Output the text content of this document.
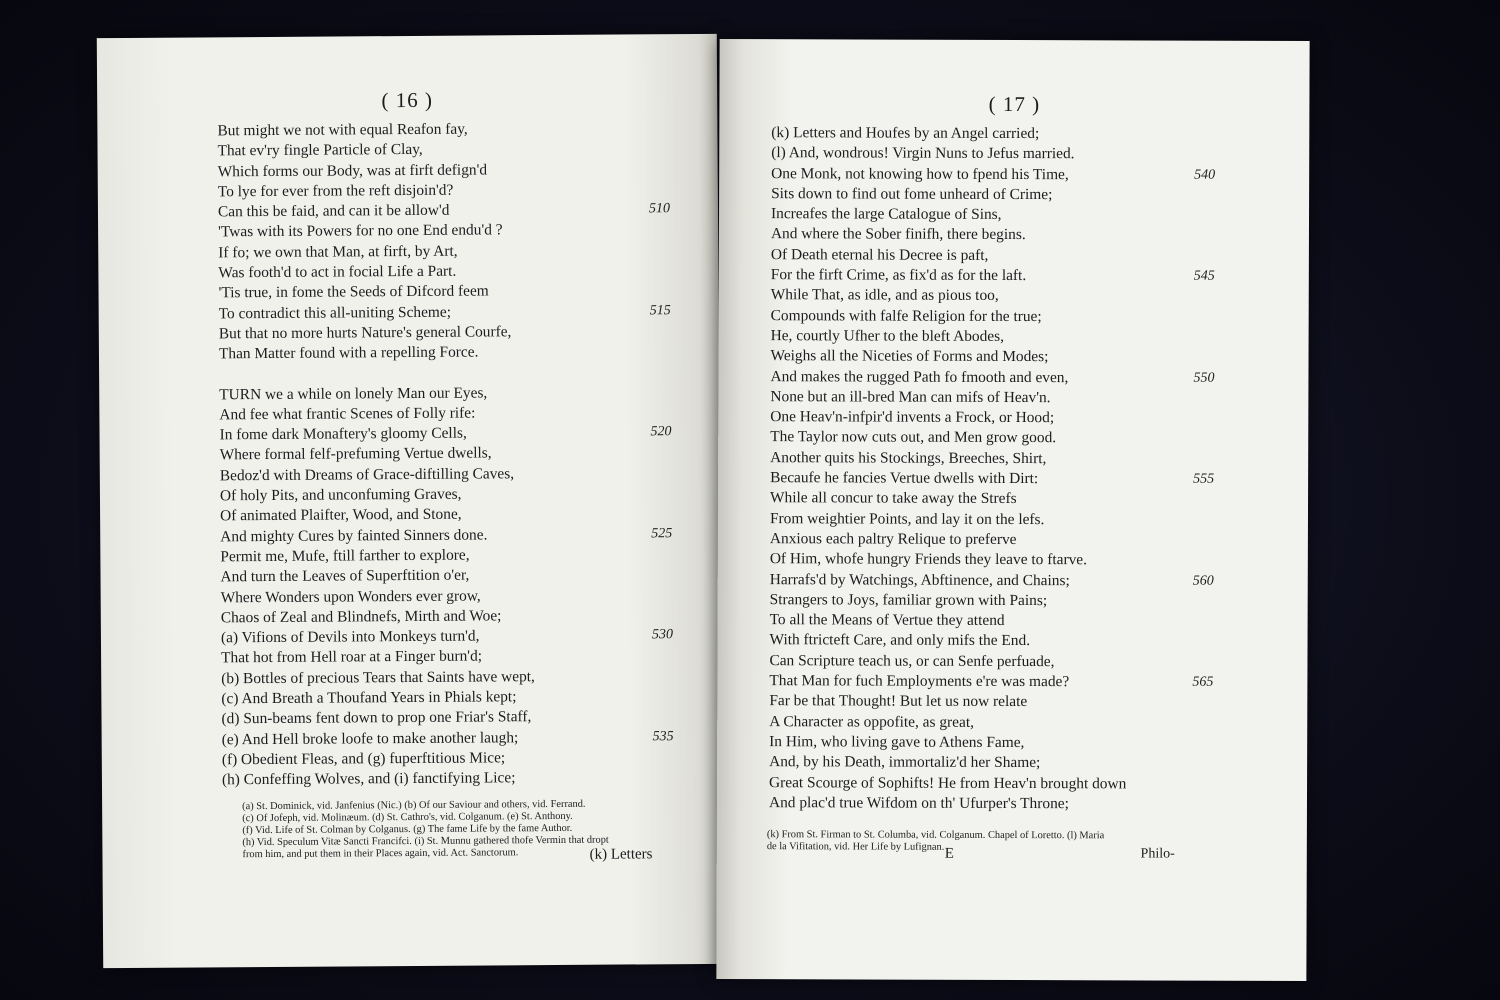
( 16 )
But might we not with equal Reafon fay,
That ev'ry fingle Particle of Clay,
Which forms our Body, was at firft defign'd
To lye for ever from the reft disjoin'd?
Can this be faid, and can it be allow'd	510
'Twas with its Powers for no one End endu'd ?
If fo; we own that Man, at firft, by Art,
Was footh'd to act in focial Life a Part.
'Tis true, in fome the Seeds of Difcord feem
To contradict this all-uniting Scheme;	515
But that no more hurts Nature's general Courfe,
Than Matter found with a repelling Force.
TURN we a while on lonely Man our Eyes,
And fee what frantic Scenes of Folly rife:
In fome dark Monaftery's gloomy Cells,	520
Where formal felf-prefuming Vertue dwells,
Bedoz'd with Dreams of Grace-diftilling Caves,
Of holy Pits, and unconfuming Graves,
Of animated Plaifter, Wood, and Stone,
And mighty Cures by fainted Sinners done.	525
Permit me, Mufe, ftill farther to explore,
And turn the Leaves of Superftition o'er,
Where Wonders upon Wonders ever grow,
Chaos of Zeal and Blindnefs, Mirth and Woe;
(a) Vifions of Devils into Monkeys turn'd,	530
That hot from Hell roar at a Finger burn'd;
(b) Bottles of precious Tears that Saints have wept,
(c) And Breath a Thoufand Years in Phials kept;
(d) Sun-beams fent down to prop one Friar's Staff,
(e) And Hell broke loofe to make another laugh;	535
(f) Obedient Fleas, and (g) fuperftitious Mice;
(h) Confeffing Wolves, and (i) fanctifying Lice;
(a) St. Dominick, vid. Janfenius (Nic.) (b) Of our Saviour and others, vid. Ferrand.
(c) Of Jofeph, vid. Molinæum. (d) St. Cathro's, vid. Colganum. (e) St. Anthony.
(f) Vid. Life of St. Colman by Colganus. (g) The fame Life by the fame Author.
(h) Vid. Speculum Vitæ Sancti Francifci. (i) St. Munnu gathered thofe Vermin that dropt
from him, and put them in their Places again, vid. Act. Sanctorum.	(k) Letters
( 17 )
(k) Letters and Houfes by an Angel carried;
(l) And, wondrous! Virgin Nuns to Jefus married.
One Monk, not knowing how to fpend his Time,	540
Sits down to find out fome unheard of Crime;
Increafes the large Catalogue of Sins,
And where the Sober finifh, there begins.
Of Death eternal his Decree is paft,
For the firft Crime, as fix'd as for the laft.	545
While That, as idle, and as pious too,
Compounds with falfe Religion for the true;
He, courtly Ufher to the bleft Abodes,
Weighs all the Niceties of Forms and Modes;
And makes the rugged Path fo fmooth and even,	550
None but an ill-bred Man can mifs of Heav'n.
One Heav'n-infpir'd invents a Frock, or Hood;
The Taylor now cuts out, and Men grow good.
Another quits his Stockings, Breeches, Shirt,
Becaufe he fancies Vertue dwells with Dirt:	555
While all concur to take away the Strefs
From weightier Points, and lay it on the lefs.
Anxious each paltry Relique to preferve
Of Him, whofe hungry Friends they leave to ftarve.
Harrafs'd by Watchings, Abftinence, and Chains;	560
Strangers to Joys, familiar grown with Pains;
To all the Means of Vertue they attend
With ftricteft Care, and only mifs the End.
Can Scripture teach us, or can Senfe perfuade,
That Man for fuch Employments e're was made?	565
Far be that Thought! But let us now relate
A Character as oppofite, as great,
In Him, who living gave to Athens Fame,
And, by his Death, immortaliz'd her Shame;
Great Scourge of Sophifts! He from Heav'n brought down
And plac'd true Wifdom on th' Ufurper's Throne;
(k) From St. Firman to St. Columba, vid. Colganum. Chapel of Loretto. (l) Maria
de la Vifitation, vid. Her Life by Lufignan. E	Philo-
